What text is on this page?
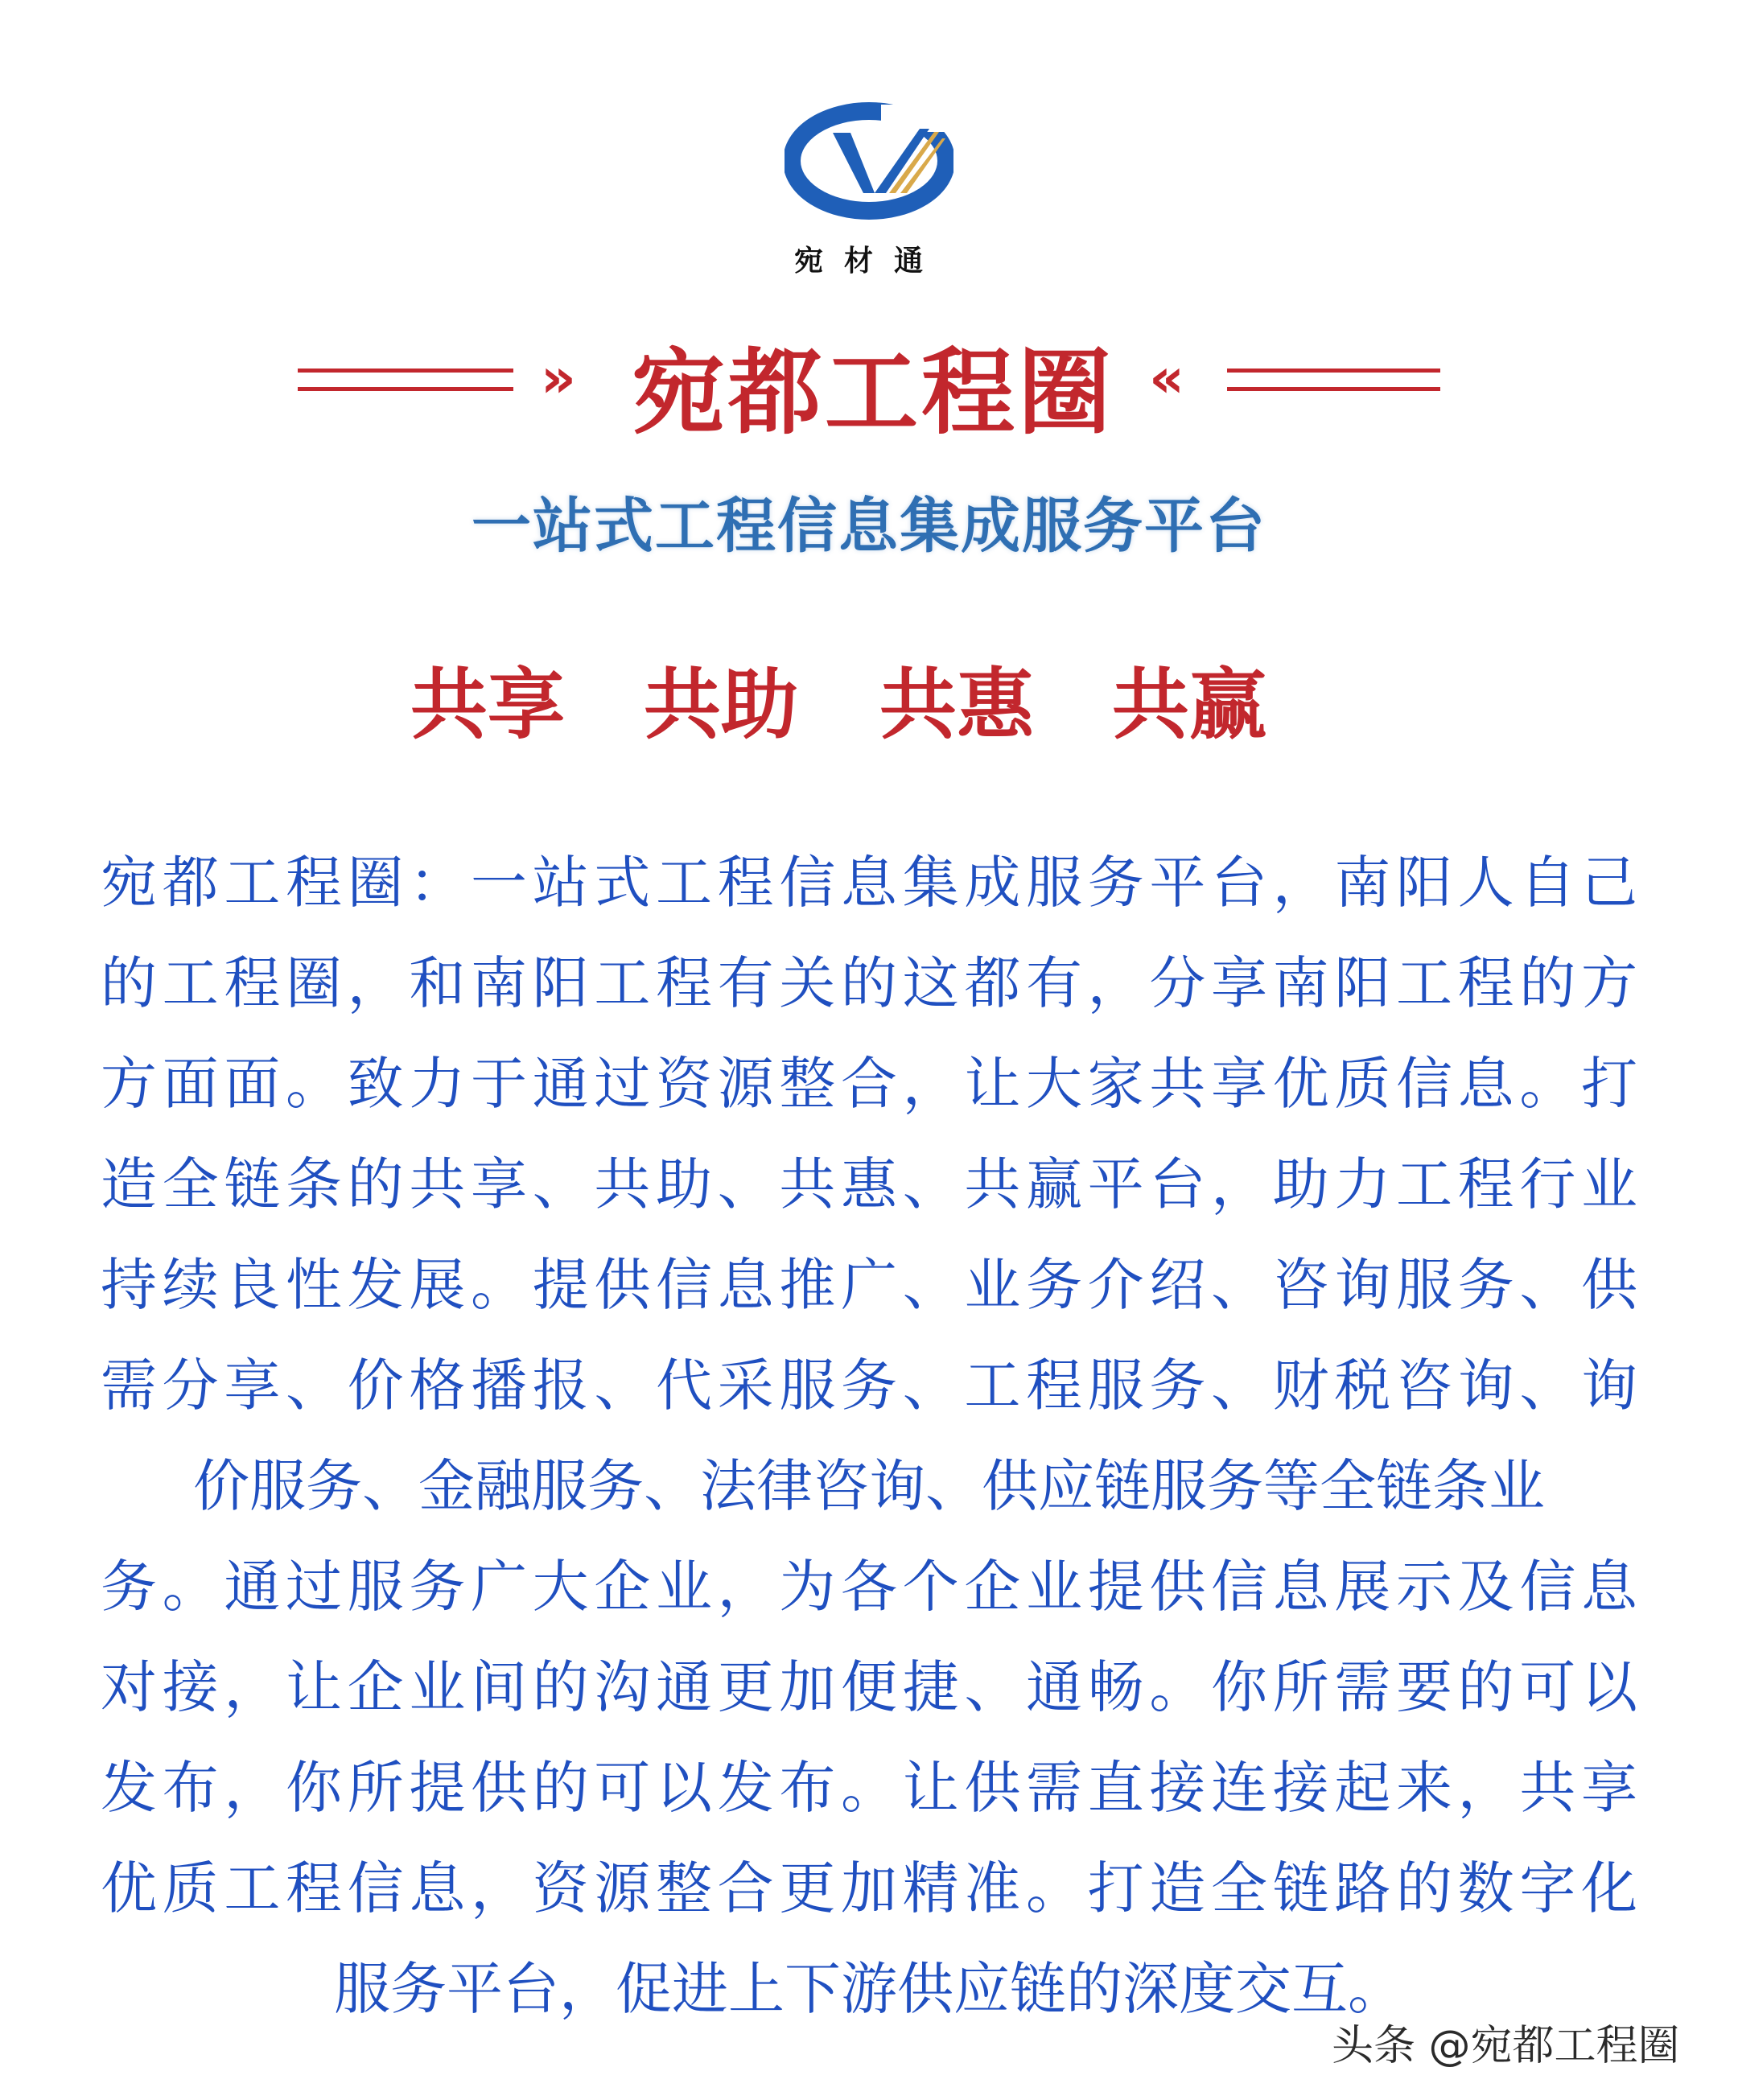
宛材通
» 宛都工程圈 «
一站式工程信息集成服务平台
共享 共助 共惠 共赢
宛都工程圈：一站式工程信息集成服务平台，南阳人自己
的工程圈，和南阳工程有关的这都有，分享南阳工程的方
方面面。致力于通过资源整合，让大家共享优质信息。打
造全链条的共享、共助、共惠、共赢平台，助力工程行业
持续良性发展。提供信息推广、业务介绍、咨询服务、供
需分享、价格播报、代采服务、工程服务、财税咨询、询
价服务、金融服务、法律咨询、供应链服务等全链条业
务。通过服务广大企业，为各个企业提供信息展示及信息
对接，让企业间的沟通更加便捷、通畅。你所需要的可以
发布，你所提供的可以发布。让供需直接连接起来，共享
优质工程信息，资源整合更加精准。打造全链路的数字化
服务平台，促进上下游供应链的深度交互。
头条 @宛都工程圈
